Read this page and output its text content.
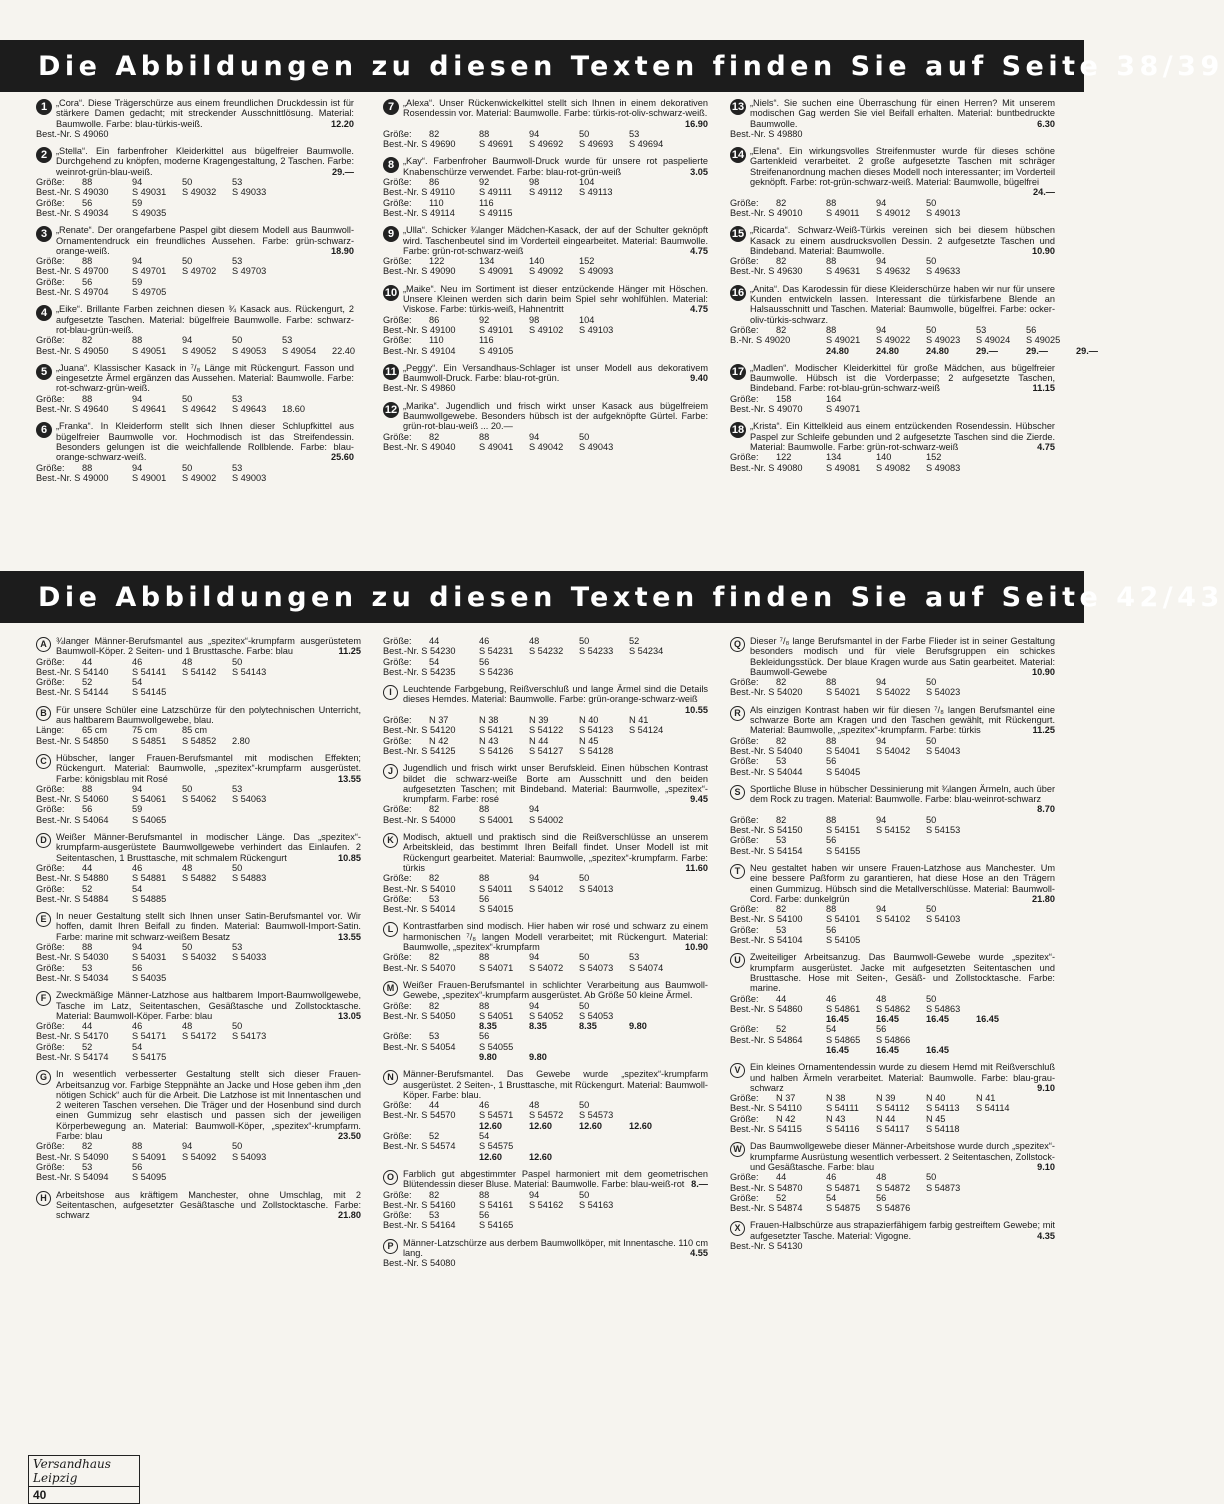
Die Abbildungen zu diesen Texten finden Sie auf Seite 38/39
Die Abbildungen zu diesen Texten finden Sie auf Seite 42/43
1 „Cora“. Diese Trägerschürze aus einem freundlichen Druckdessin ist für stärkere Damen gedacht; mit streckender Ausschnittlösung. Material: Baumwolle. Farbe: blau-türkis-weiß.	12.20
Best.-Nr. S 49060
2 „Stella“. Ein farbenfroher Kleiderkittel aus bügelfreier Baumwolle. Durchgehend zu knöpfen, moderne Kragengestaltung, 2 Taschen. Farbe: weinrot-grün-blau-weiß.	29.—
Größe:	88	94	50	53
Best.-Nr. S 49030	S 49031	S 49032	S 49033
Größe:	56	59
Best.-Nr. S 49034	S 49035
3 „Renate“. Der orangefarbene Paspel gibt diesem Modell aus Baumwoll-Ornamentendruck ein freundliches Aussehen. Farbe: grün-schwarz-orange-weiß.	18.90
Größe:	88	94	50	53
Best.-Nr. S 49700	S 49701	S 49702	S 49703
Größe:	56	59
Best.-Nr. S 49704	S 49705
4 „Eike“. Brillante Farben zeichnen diesen ¾ Kasack aus. Rückengurt, 2 aufgesetzte Taschen. Material: bügelfreie Baumwolle. Farbe: schwarz-rot-blau-grün-weiß.
Größe:	82	88	94	50	53
Best.-Nr. S 49050	S 49051	S 49052	S 49053	S 49054	22.40
5 „Juana“. Klassischer Kasack in ⁷/₈ Länge mit Rückengurt. Fasson und eingesetzte Ärmel ergänzen das Aussehen. Material: Baumwolle. Farbe: rot-schwarz-grün-weiß.
Größe:	88	94	50	53
Best.-Nr. S 49640	S 49641	S 49642	S 49643	18.60
6 „Franka“. In Kleiderform stellt sich Ihnen dieser Schlupfkittel aus bügelfreier Baumwolle vor. Hochmodisch ist das Streifendessin. Besonders gelungen ist die weichfallende Rollblende. Farbe: blau-orange-schwarz-weiß.	25.60
Größe:	88	94	50	53
Best.-Nr. S 49000	S 49001	S 49002	S 49003
7 „Alexa“. Unser Rückenwickelkittel stellt sich Ihnen in einem dekorativen Rosendessin vor. Material: Baumwolle. Farbe: türkis-rot-oliv-schwarz-weiß.
16.90
Größe:	82	88	94	50	53
Best.-Nr. S 49690	S 49691	S 49692	S 49693	S 49694
8 „Kay“. Farbenfroher Baumwoll-Druck wurde für unsere rot paspelierte Knabenschürze verwendet. Farbe: blau-rot-grün-weiß	3.05
Größe:	86	92	98	104
Best.-Nr. S 49110	S 49111	S 49112	S 49113
Größe:	110	116
Best.-Nr. S 49114	S 49115
9 „Ulla“. Schicker ¾langer Mädchen-Kasack, der auf der Schulter geknöpft wird. Taschenbeutel sind im Vorderteil eingearbeitet. Material: Baumwolle. Farbe: grün-rot-schwarz-weiß	4.75
Größe:	122	134	140	152
Best.-Nr. S 49090	S 49091	S 49092	S 49093
10 „Maike“. Neu im Sortiment ist dieser entzückende Hänger mit Höschen. Unsere Kleinen werden sich darin beim Spiel sehr wohlfühlen. Material: Viskose. Farbe: türkis-weiß, Hahnentritt	4.75
Größe:	86	92	98	104
Best.-Nr. S 49100	S 49101	S 49102	S 49103
Größe:	110	116
Best.-Nr. S 49104	S 49105
11 „Peggy“. Ein Versandhaus-Schlager ist unser Modell aus dekorativem Baumwoll-Druck. Farbe: blau-rot-grün.	9.40
Best.-Nr. S 49860
12 „Marika“. Jugendlich und frisch wirkt unser Kasack aus bügelfreiem Baumwollgewebe. Besonders hübsch ist der aufgeknöpfte Gürtel. Farbe: grün-rot-blau-weiß ... 20.—
Größe:	82	88	94	50
Best.-Nr. S 49040	S 49041	S 49042	S 49043
13 „Niels“. Sie suchen eine Überraschung für einen Herren? Mit unserem modischen Gag werden Sie viel Beifall erhalten. Material: buntbedruckte Baumwolle.	6.30
Best.-Nr. S 49880
14 „Elena“. Ein wirkungsvolles Streifenmuster wurde für dieses schöne Gartenkleid verarbeitet. 2 große aufgesetzte Taschen mit schräger Streifenanordnung machen dieses Modell noch interessanter; im Vorderteil geknöpft. Farbe: rot-grün-schwarz-weiß. Material: Baumwolle, bügelfrei
24.—
Größe:	82	88	94	50
Best.-Nr. S 49010	S 49011	S 49012	S 49013
15 „Ricarda“. Schwarz-Weiß-Türkis vereinen sich bei diesem hübschen Kasack zu einem ausdrucksvollen Dessin. 2 aufgesetzte Taschen und Bindeband. Material: Baumwolle.	10.90
Größe:	82	88	94	50
Best.-Nr. S 49630	S 49631	S 49632	S 49633
16 „Anita“. Das Karodessin für diese Kleiderschürze haben wir nur für unsere Kunden entwickeln lassen. Interessant die türkisfarbene Blende an Halsausschnitt und Taschen. Material: Baumwolle, bügelfrei. Farbe: ocker-oliv-türkis-schwarz.
Größe:	82	88	94	50	53	56
B.-Nr. S 49020	S 49021	S 49022	S 49023	S 49024	S 49025
24.80	24.80	24.80	29.—	29.—	29.—
17 „Madlen“. Modischer Kleiderkittel für große Mädchen, aus bügelfreier Baumwolle. Hübsch ist die Vorderpasse; 2 aufgesetzte Taschen, Bindeband. Farbe: rot-blau-grün-schwarz-weiß	11.15
Größe:	158	164
Best.-Nr. S 49070	S 49071
18 „Krista“. Ein Kittelkleid aus einem entzückenden Rosendessin. Hübscher Paspel zur Schleife gebunden und 2 aufgesetzte Taschen sind die Zierde. Material: Baumwolle. Farbe: grün-rot-schwarz-weiß	4.75
Größe:	122	134	140	152
Best.-Nr. S 49080	S 49081	S 49082	S 49083
A	¾langer Männer-Berufsmantel aus „spezitex“-krumpfarm ausgerüstetem Baumwoll-Köper. 2 Seiten- und 1 Brusttasche. Farbe: blau	11.25
Größe:	44	46	48	50
Best.-Nr. S 54140	S 54141	S 54142	S 54143
Größe:	52	54
Best.-Nr. S 54144	S 54145
B	Für unsere Schüler eine Latzschürze für den polytechnischen Unterricht, aus haltbarem Baumwollgewebe, blau.
Länge:	65 cm	75 cm	85 cm
Best.-Nr. S 54850	S 54851	S 54852	2.80
C	Hübscher, langer Frauen-Berufsmantel mit modischen Effekten; Rückengurt. Material: Baumwolle, „spezitex“-krumpfarm ausgerüstet. Farbe: königsblau mit Rosé	13.55
Größe:	88	94	50	53
Best.-Nr. S 54060	S 54061	S 54062	S 54063
Größe:	56	59
Best.-Nr. S 54064	S 54065
D	Weißer Männer-Berufsmantel in modischer Länge. Das „spezitex“-krumpfarm-ausgerüstete Baumwollgewebe verhindert das Einlaufen. 2 Seitentaschen, 1 Brusttasche, mit schmalem Rückengurt	10.85
Größe:	44	46	48	50
Best.-Nr. S 54880	S 54881	S 54882	S 54883
Größe:	52	54
Best.-Nr. S 54884	S 54885
E	In neuer Gestaltung stellt sich Ihnen unser Satin-Berufsmantel vor. Wir hoffen, damit Ihren Beifall zu finden. Material: Baumwoll-Import-Satin. Farbe: marine mit schwarz-weißem Besatz	13.55
Größe:	88	94	50	53
Best.-Nr. S 54030	S 54031	S 54032	S 54033
Größe:	53	56
Best.-Nr. S 54034	S 54035
F	Zweckmäßige Männer-Latzhose aus haltbarem Import-Baumwollgewebe, Tasche im Latz, Seitentaschen, Gesäßtasche und Zollstocktasche. Material: Baumwoll-Köper. Farbe: blau	13.05
Größe:	44	46	48	50
Best.-Nr. S 54170	S 54171	S 54172	S 54173
Größe:	52	54
Best.-Nr. S 54174	S 54175
G In wesentlich verbesserter Gestaltung stellt sich dieser Frauen-Arbeitsanzug vor. Farbige Steppnähte an Jacke und Hose geben ihm „den nötigen Schick“ auch für die Arbeit. Die Latzhose ist mit Innentaschen und 2 weiteren Taschen versehen. Die Träger und der Hosenbund sind durch einen Gummizug sehr elastisch und passen sich der jeweiligen Körperbewegung an. Material: Baumwoll-Köper, „spezitex“-krumpfarm. Farbe: blau	23.50
Größe:	82	88	94	50
Best.-Nr. S 54090	S 54091	S 54092	S 54093
Größe:	53	56
Best.-Nr. S 54094	S 54095
H	Arbeitshose aus kräftigem Manchester, ohne Umschlag, mit 2 Seitentaschen, aufgesetzter Gesäßtasche und Zollstocktasche. Farbe: schwarz	21.80
Größe:	44	46	48	50	52
Best.-Nr. S 54230	S 54231	S 54232	S 54233	S 54234
Größe:	54	56
Best.-Nr. S 54235	S 54236
I	Leuchtende Farbgebung, Reißverschluß und lange Ärmel sind die Details dieses Hemdes. Material: Baumwolle. Farbe: grün-orange-schwarz-weiß
10.55
Größe:	N 37	N 38	N 39	N 40	N 41
Best.-Nr. S 54120	S 54121	S 54122	S 54123	S 54124
Größe:	N 42	N 43	N 44	N 45
Best.-Nr. S 54125	S 54126	S 54127	S 54128
J	Jugendlich und frisch wirkt unser Berufskleid. Einen hübschen Kontrast bildet die schwarz-weiße Borte am Ausschnitt und den beiden aufgesetzten Taschen; mit Bindeband. Material: Baumwolle, „spezitex“-krumpfarm. Farbe: rosé	9.45
Größe:	82	88	94
Best.-Nr. S 54000	S 54001	S 54002
K	Modisch, aktuell und praktisch sind die Reißverschlüsse an unserem Arbeitskleid, das bestimmt Ihren Beifall findet. Unser Modell ist mit Rückengurt gearbeitet. Material: Baumwolle, „spezitex“-krumpfarm. Farbe: türkis	11.60
Größe:	82	88	94	50
Best.-Nr. S 54010	S 54011	S 54012	S 54013
Größe:	53	56
Best.-Nr. S 54014	S 54015
L	Kontrastfarben sind modisch. Hier haben wir rosé und schwarz zu einem harmonischen ⁷/₈ langen Modell verarbeitet; mit Rückengurt. Material: Baumwolle, „spezitex“-krumpfarm	10.90
Größe:	82	88	94	50	53
Best.-Nr. S 54070	S 54071	S 54072	S 54073	S 54074
M Weißer Frauen-Berufsmantel in schlichter Verarbeitung aus Baumwoll-Gewebe, „spezitex“-krumpfarm ausgerüstet. Ab Größe 50 kleine Ärmel.
Größe:	82	88	94	50
Best.-Nr. S 54050	S 54051	S 54052	S 54053
8.35	8.35	8.35	9.80
Größe:	53	56
Best.-Nr. S 54054	S 54055
9.80	9.80
N	Männer-Berufsmantel. Das Gewebe wurde „spezitex“-krumpfarm ausgerüstet. 2 Seiten-, 1 Brusttasche, mit Rückengurt. Material: Baumwoll-Köper. Farbe: blau.
Größe:	44	46	48	50
Best.-Nr. S 54570	S 54571	S 54572	S 54573
12.60	12.60	12.60	12.60
Größe:	52	54
Best.-Nr. S 54574	S 54575
12.60	12.60
O Farblich gut abgestimmter Paspel harmoniert mit dem geometrischen Blütendessin dieser Bluse. Material: Baumwolle. Farbe: blau-weiß-rot 8.—
Größe:	82	88	94	50
Best.-Nr. S 54160	S 54161	S 54162	S 54163
Größe:	53	56
Best.-Nr. S 54164	S 54165
P	Männer-Latzschürze aus derbem Baumwollköper, mit Innentasche. 110 cm lang.	4.55
Best.-Nr. S 54080
Q Dieser ⁷/₈ lange Berufsmantel in der Farbe Flieder ist in seiner Gestaltung besonders modisch und für viele Berufsgruppen ein schickes Bekleidungsstück. Der blaue Kragen wurde aus Satin gearbeitet. Material: Baumwoll-Gewebe	10.90
Größe:	82	88	94	50
Best.-Nr. S 54020	S 54021	S 54022	S 54023
R	Als einzigen Kontrast haben wir für diesen ⁷/₈ langen Berufsmantel eine schwarze Borte am Kragen und den Taschen gewählt, mit Rückengurt. Material: Baumwolle, „spezitex“-krumpfarm. Farbe: türkis	11.25
Größe:	82	88	94	50
Best.-Nr. S 54040	S 54041	S 54042	S 54043
Größe:	53	56
Best.-Nr. S 54044	S 54045
S	Sportliche Bluse in hübscher Dessinierung mit ¾langen Ärmeln, auch über dem Rock zu tragen. Material: Baumwolle. Farbe: blau-weinrot-schwarz
8.70
Größe:	82	88	94	50
Best.-Nr. S 54150	S 54151	S 54152	S 54153
Größe:	53	56
Best.-Nr. S 54154	S 54155
T	Neu gestaltet haben wir unsere Frauen-Latzhose aus Manchester. Um eine bessere Paßform zu garantieren, hat diese Hose an den Trägern einen Gummizug. Hübsch sind die Metallverschlüsse. Material: Baumwoll-Cord. Farbe: dunkelgrün	21.80
Größe:	82	88	94	50
Best.-Nr. S 54100	S 54101	S 54102	S 54103
Größe:	53	56
Best.-Nr. S 54104	S 54105
U	Zweiteiliger Arbeitsanzug. Das Baumwoll-Gewebe wurde „spezitex“-krumpfarm ausgerüstet. Jacke mit aufgesetzten Seitentaschen und Brusttasche. Hose mit Seiten-, Gesäß- und Zollstocktasche. Farbe: marine.
Größe:	44	46	48	50
Best.-Nr. S 54860	S 54861	S 54862	S 54863
16.45	16.45	16.45	16.45
Größe:	52	54	56
Best.-Nr. S 54864	S 54865	S 54866
16.45	16.45	16.45
V	Ein kleines Ornamentendessin wurde zu diesem Hemd mit Reißverschluß und halben Ärmeln verarbeitet. Material: Baumwolle. Farbe: blau-grau-schwarz	9.10
Größe:	N 37	N 38	N 39	N 40	N 41
Best.-Nr. S 54110	S 54111	S 54112	S 54113	S 54114
Größe:	N 42	N 43	N 44	N 45
Best.-Nr. S 54115	S 54116	S 54117	S 54118
W Das Baumwollgewebe dieser Männer-Arbeitshose wurde durch „spezitex“-krumpfarme Ausrüstung wesentlich verbessert. 2 Seitentaschen, Zollstock- und Gesäßtasche. Farbe: blau	9.10
Größe:	44	46	48	50
Best.-Nr. S 54870	S 54871	S 54872	S 54873
Größe:	52	54	56
Best.-Nr. S 54874	S 54875	S 54876
X	Frauen-Halbschürze aus strapazierfähigem farbig gestreiftem Gewebe; mit aufgesetzter Tasche. Material: Vigogne.	4.35
Best.-Nr. S 54130
Versandhaus Leipzig
40
